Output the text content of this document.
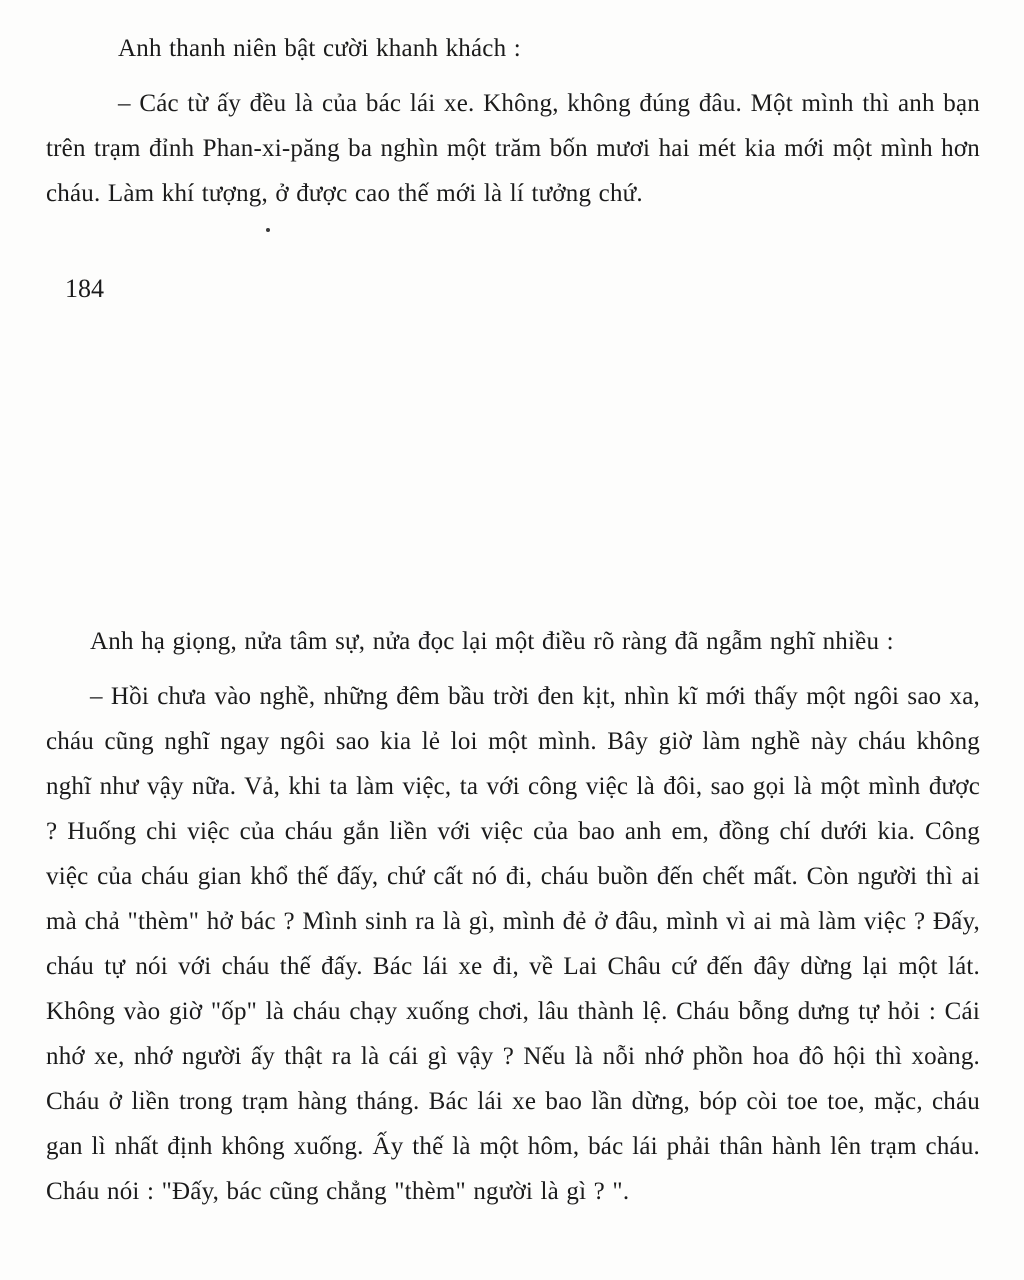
Anh thanh niên bật cười khanh khách :

– Các từ ấy đều là của bác lái xe. Không, không đúng đâu. Một mình thì anh bạn trên trạm đỉnh Phan-xi-păng ba nghìn một trăm bốn mươi hai mét kia mới một mình hơn cháu. Làm khí tượng, ở được cao thế mới là lí tưởng chứ.

184

Anh hạ giọng, nửa tâm sự, nửa đọc lại một điều rõ ràng đã ngẫm nghĩ nhiều :

– Hồi chưa vào nghề, những đêm bầu trời đen kịt, nhìn kĩ mới thấy một ngôi sao xa, cháu cũng nghĩ ngay ngôi sao kia lẻ loi một mình. Bây giờ làm nghề này cháu không nghĩ như vậy nữa. Vả, khi ta làm việc, ta với công việc là đôi, sao gọi là một mình được ? Huống chi việc của cháu gắn liền với việc của bao anh em, đồng chí dưới kia. Công việc của cháu gian khổ thế đấy, chứ cất nó đi, cháu buồn đến chết mất. Còn người thì ai mà chả "thèm" hở bác ? Mình sinh ra là gì, mình đẻ ở đâu, mình vì ai mà làm việc ? Đấy, cháu tự nói với cháu thế đấy. Bác lái xe đi, về Lai Châu cứ đến đây dừng lại một lát. Không vào giờ "ốp" là cháu chạy xuống chơi, lâu thành lệ. Cháu bỗng dưng tự hỏi : Cái nhớ xe, nhớ người ấy thật ra là cái gì vậy ? Nếu là nỗi nhớ phồn hoa đô hội thì xoàng. Cháu ở liền trong trạm hàng tháng. Bác lái xe bao lần dừng, bóp còi toe toe, mặc, cháu gan lì nhất định không xuống. Ấy thế là một hôm, bác lái phải thân hành lên trạm cháu. Cháu nói : "Đấy, bác cũng chẳng "thèm" người là gì ? ".
